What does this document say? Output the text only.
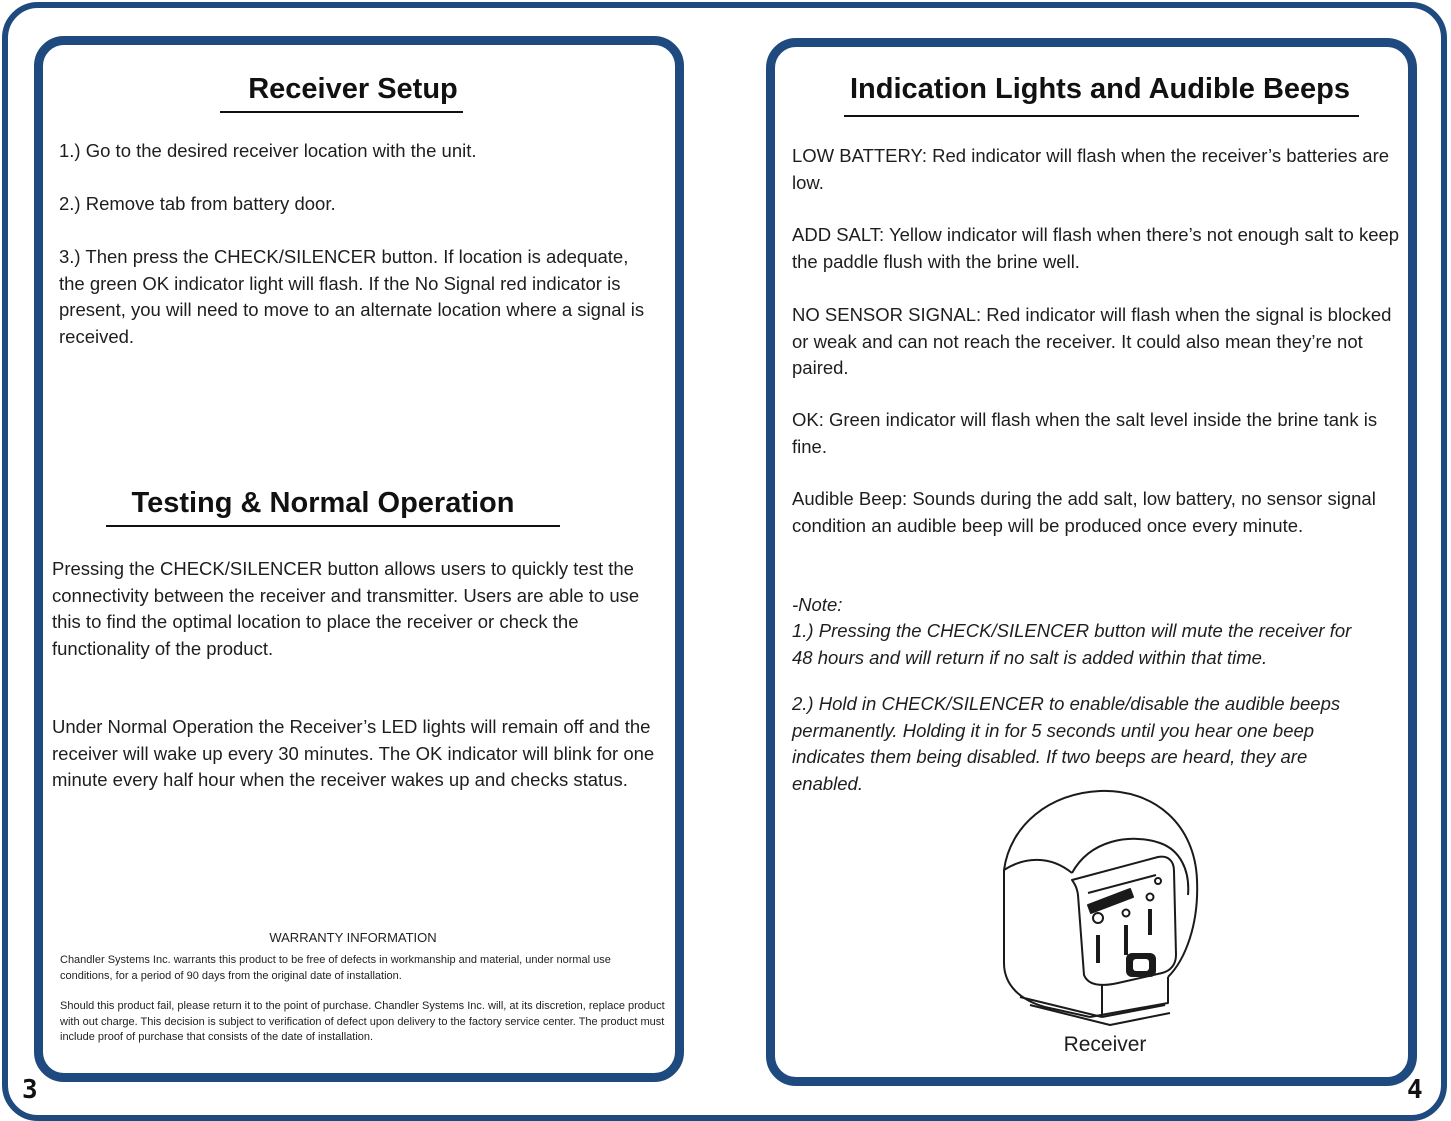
Receiver Setup
1.) Go to the desired receiver location with the unit.
2.) Remove tab from battery door.
3.) Then press the CHECK/SILENCER button. If location is adequate, the green OK indicator light will flash. If the No Signal red indicator is present, you will need to move to an alternate location where a signal is received.
Testing & Normal Operation
Pressing the CHECK/SILENCER button allows users to quickly test the connectivity between the receiver and transmitter. Users are able to use this to find the optimal location to place the receiver or check the functionality of the product.
Under Normal Operation the Receiver’s LED lights will remain off and the receiver will wake up every 30 minutes. The OK indicator will blink for one minute every half hour when the receiver wakes up and checks status.
WARRANTY INFORMATION
Chandler Systems Inc. warrants this product to be free of defects in workmanship and material, under normal use conditions, for a period of 90 days from the original date of installation.
Should this product fail, please return it to the point of purchase. Chandler Systems Inc. will, at its discretion, replace product with out charge. This decision is subject to verification of defect upon delivery to the factory service center. The product must include proof of purchase that consists of the date of installation.
3
Indication Lights and Audible Beeps
LOW BATTERY: Red indicator will flash when the receiver’s batteries are low.
ADD SALT: Yellow indicator will flash when there’s not enough salt to keep the paddle flush with the brine well.
NO SENSOR SIGNAL: Red indicator will flash when the signal is blocked or weak and can not reach the receiver. It could also mean they’re not paired.
OK: Green indicator will flash when the salt level inside the brine tank is fine.
Audible Beep: Sounds during the add salt, low battery, no sensor signal condition an audible beep will be produced once every minute.
-Note:
1.) Pressing the CHECK/SILENCER button will mute the receiver for 48 hours and will return if no salt is added within that time.
2.) Hold in CHECK/SILENCER to enable/disable the audible beeps permanently. Holding it in for 5 seconds until you hear one beep indicates them being disabled. If two beeps are heard, they are enabled.
Receiver
4
